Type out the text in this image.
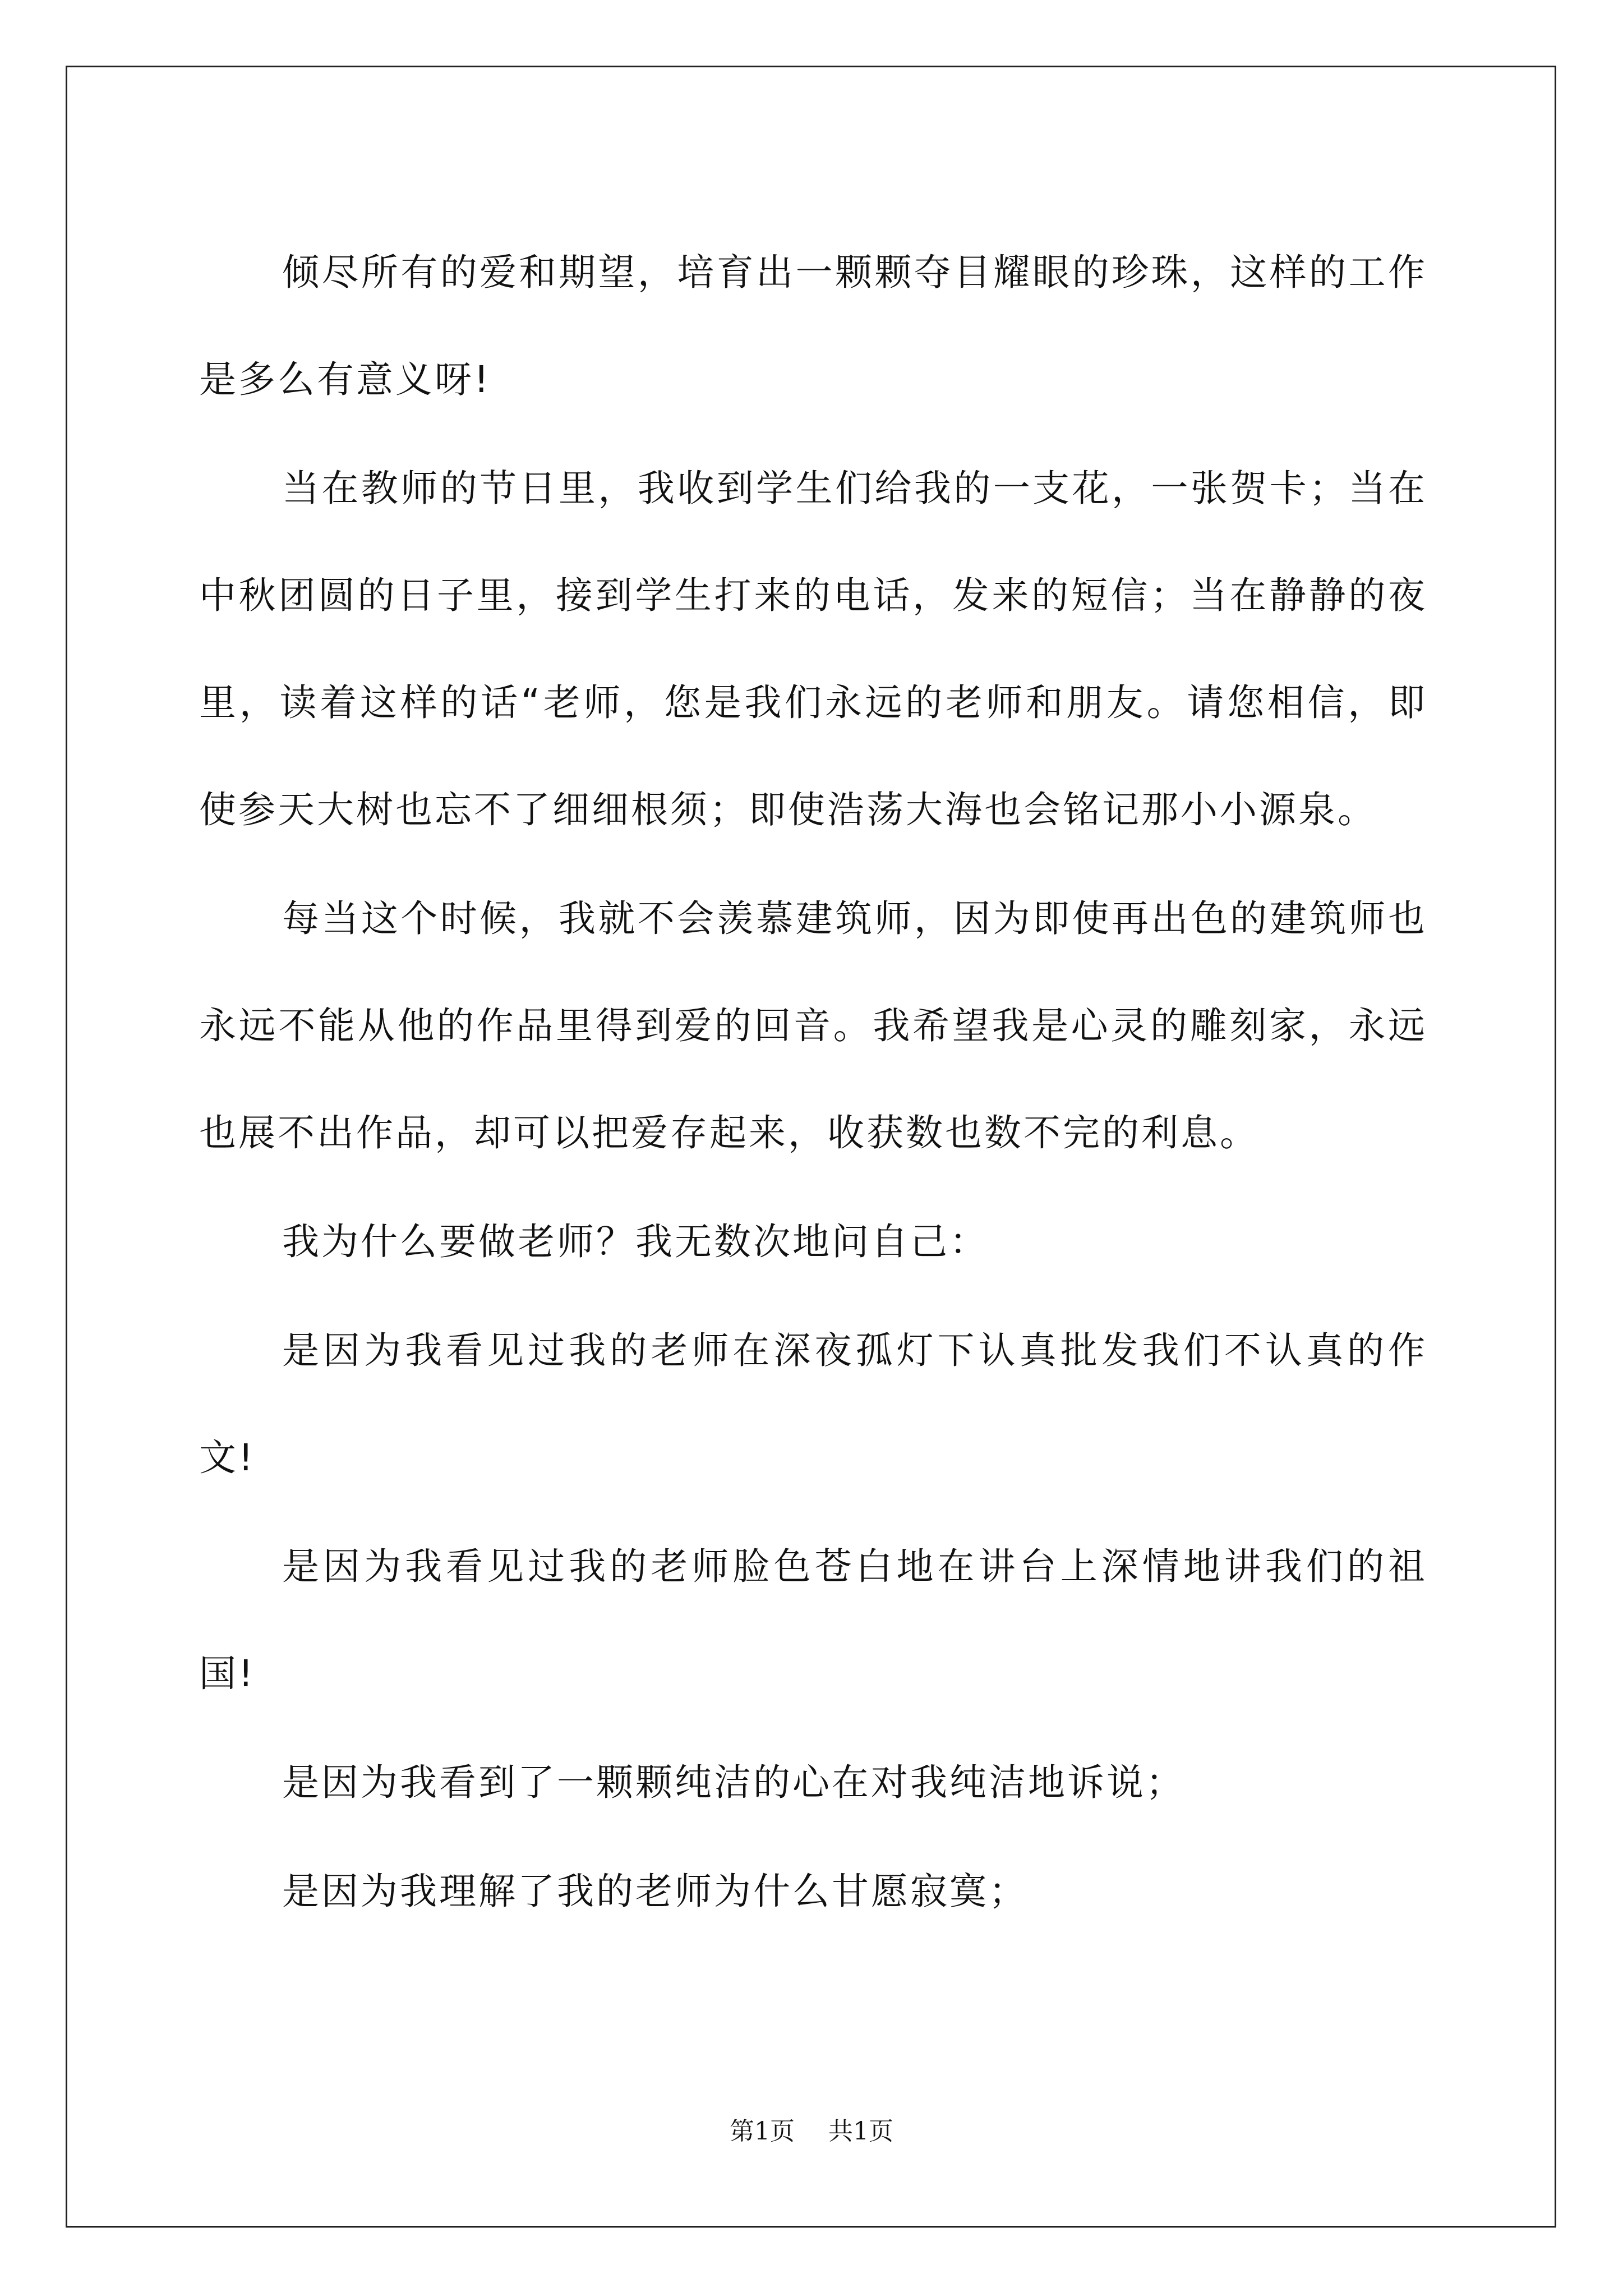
倾尽所有的爱和期望，培育出一颗颗夺目耀眼的珍珠，这样的工作是多么有意义呀!

当在教师的节日里，我收到学生们给我的一支花，一张贺卡；当在中秋团圆的日子里，接到学生打来的电话，发来的短信；当在静静的夜里，读着这样的话“老师，您是我们永远的老师和朋友。请您相信，即使参天大树也忘不了细细根须；即使浩荡大海也会铭记那小小源泉。

每当这个时候，我就不会羡慕建筑师，因为即使再出色的建筑师也永远不能从他的作品里得到爱的回音。我希望我是心灵的雕刻家，永远也展不出作品，却可以把爱存起来，收获数也数不完的利息。

我为什么要做老师？我无数次地问自己：

是因为我看见过我的老师在深夜孤灯下认真批发我们不认真的作文!

是因为我看见过我的老师脸色苍白地在讲台上深情地讲我们的祖国!

是因为我看到了一颗颗纯洁的心在对我纯洁地诉说；

是因为我理解了我的老师为什么甘愿寂寞；

第1页 共1页
